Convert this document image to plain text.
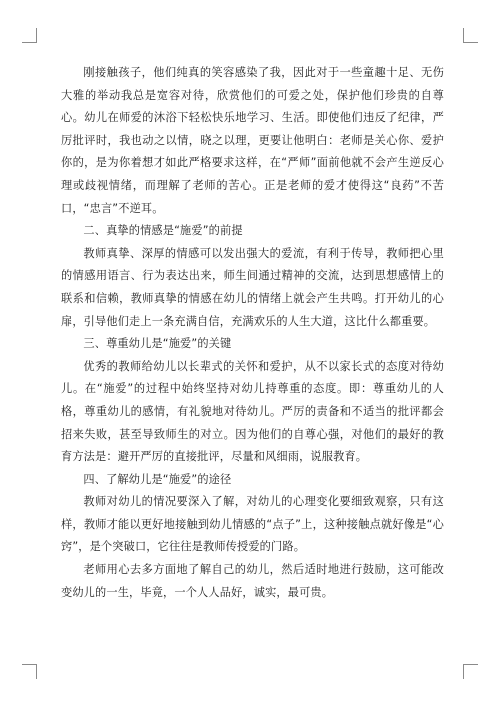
刚接触孩子，他们纯真的笑容感染了我，因此对于一些童趣十足、无伤大雅的举动我总是宽容对待，欣赏他们的可爱之处，保护他们珍贵的自尊心。幼儿在师爱的沐浴下轻松快乐地学习、生活。即使他们违反了纪律，严厉批评时，我也动之以情，晓之以理，更要让他明白：老师是关心你、爱护你的，是为你着想才如此严格要求这样，在“严师”面前他就不会产生逆反心理或歧视情绪，而理解了老师的苦心。正是老师的爱才使得这“良药”不苦口，“忠言”不逆耳。

二、真挚的情感是“施爱”的前提

教师真挚、深厚的情感可以发出强大的爱流，有利于传导，教师把心里的情感用语言、行为表达出来，师生间通过精神的交流，达到思想感情上的联系和信赖，教师真挚的情感在幼儿的情绪上就会产生共鸣。打开幼儿的心扉，引导他们走上一条充满自信，充满欢乐的人生大道，这比什么都重要。

三、尊重幼儿是“施爱”的关键

优秀的教师给幼儿以长辈式的关怀和爱护，从不以家长式的态度对待幼儿。在“施爱”的过程中始终坚持对幼儿持尊重的态度。即：尊重幼儿的人格，尊重幼儿的感情，有礼貌地对待幼儿。严厉的责备和不适当的批评都会招来失败，甚至导致师生的对立。因为他们的自尊心强，对他们的最好的教育方法是：避开严厉的直接批评，尽量和风细雨，说服教育。

四、了解幼儿是“施爱”的途径

教师对幼儿的情况要深入了解，对幼儿的心理变化要细致观察，只有这样，教师才能以更好地接触到幼儿情感的“点子”上，这种接触点就好像是“心窍”，是个突破口，它往往是教师传授爱的门路。

老师用心去多方面地了解自己的幼儿，然后适时地进行鼓励，这可能改变幼儿的一生，毕竟，一个人人品好，诚实，最可贵。
